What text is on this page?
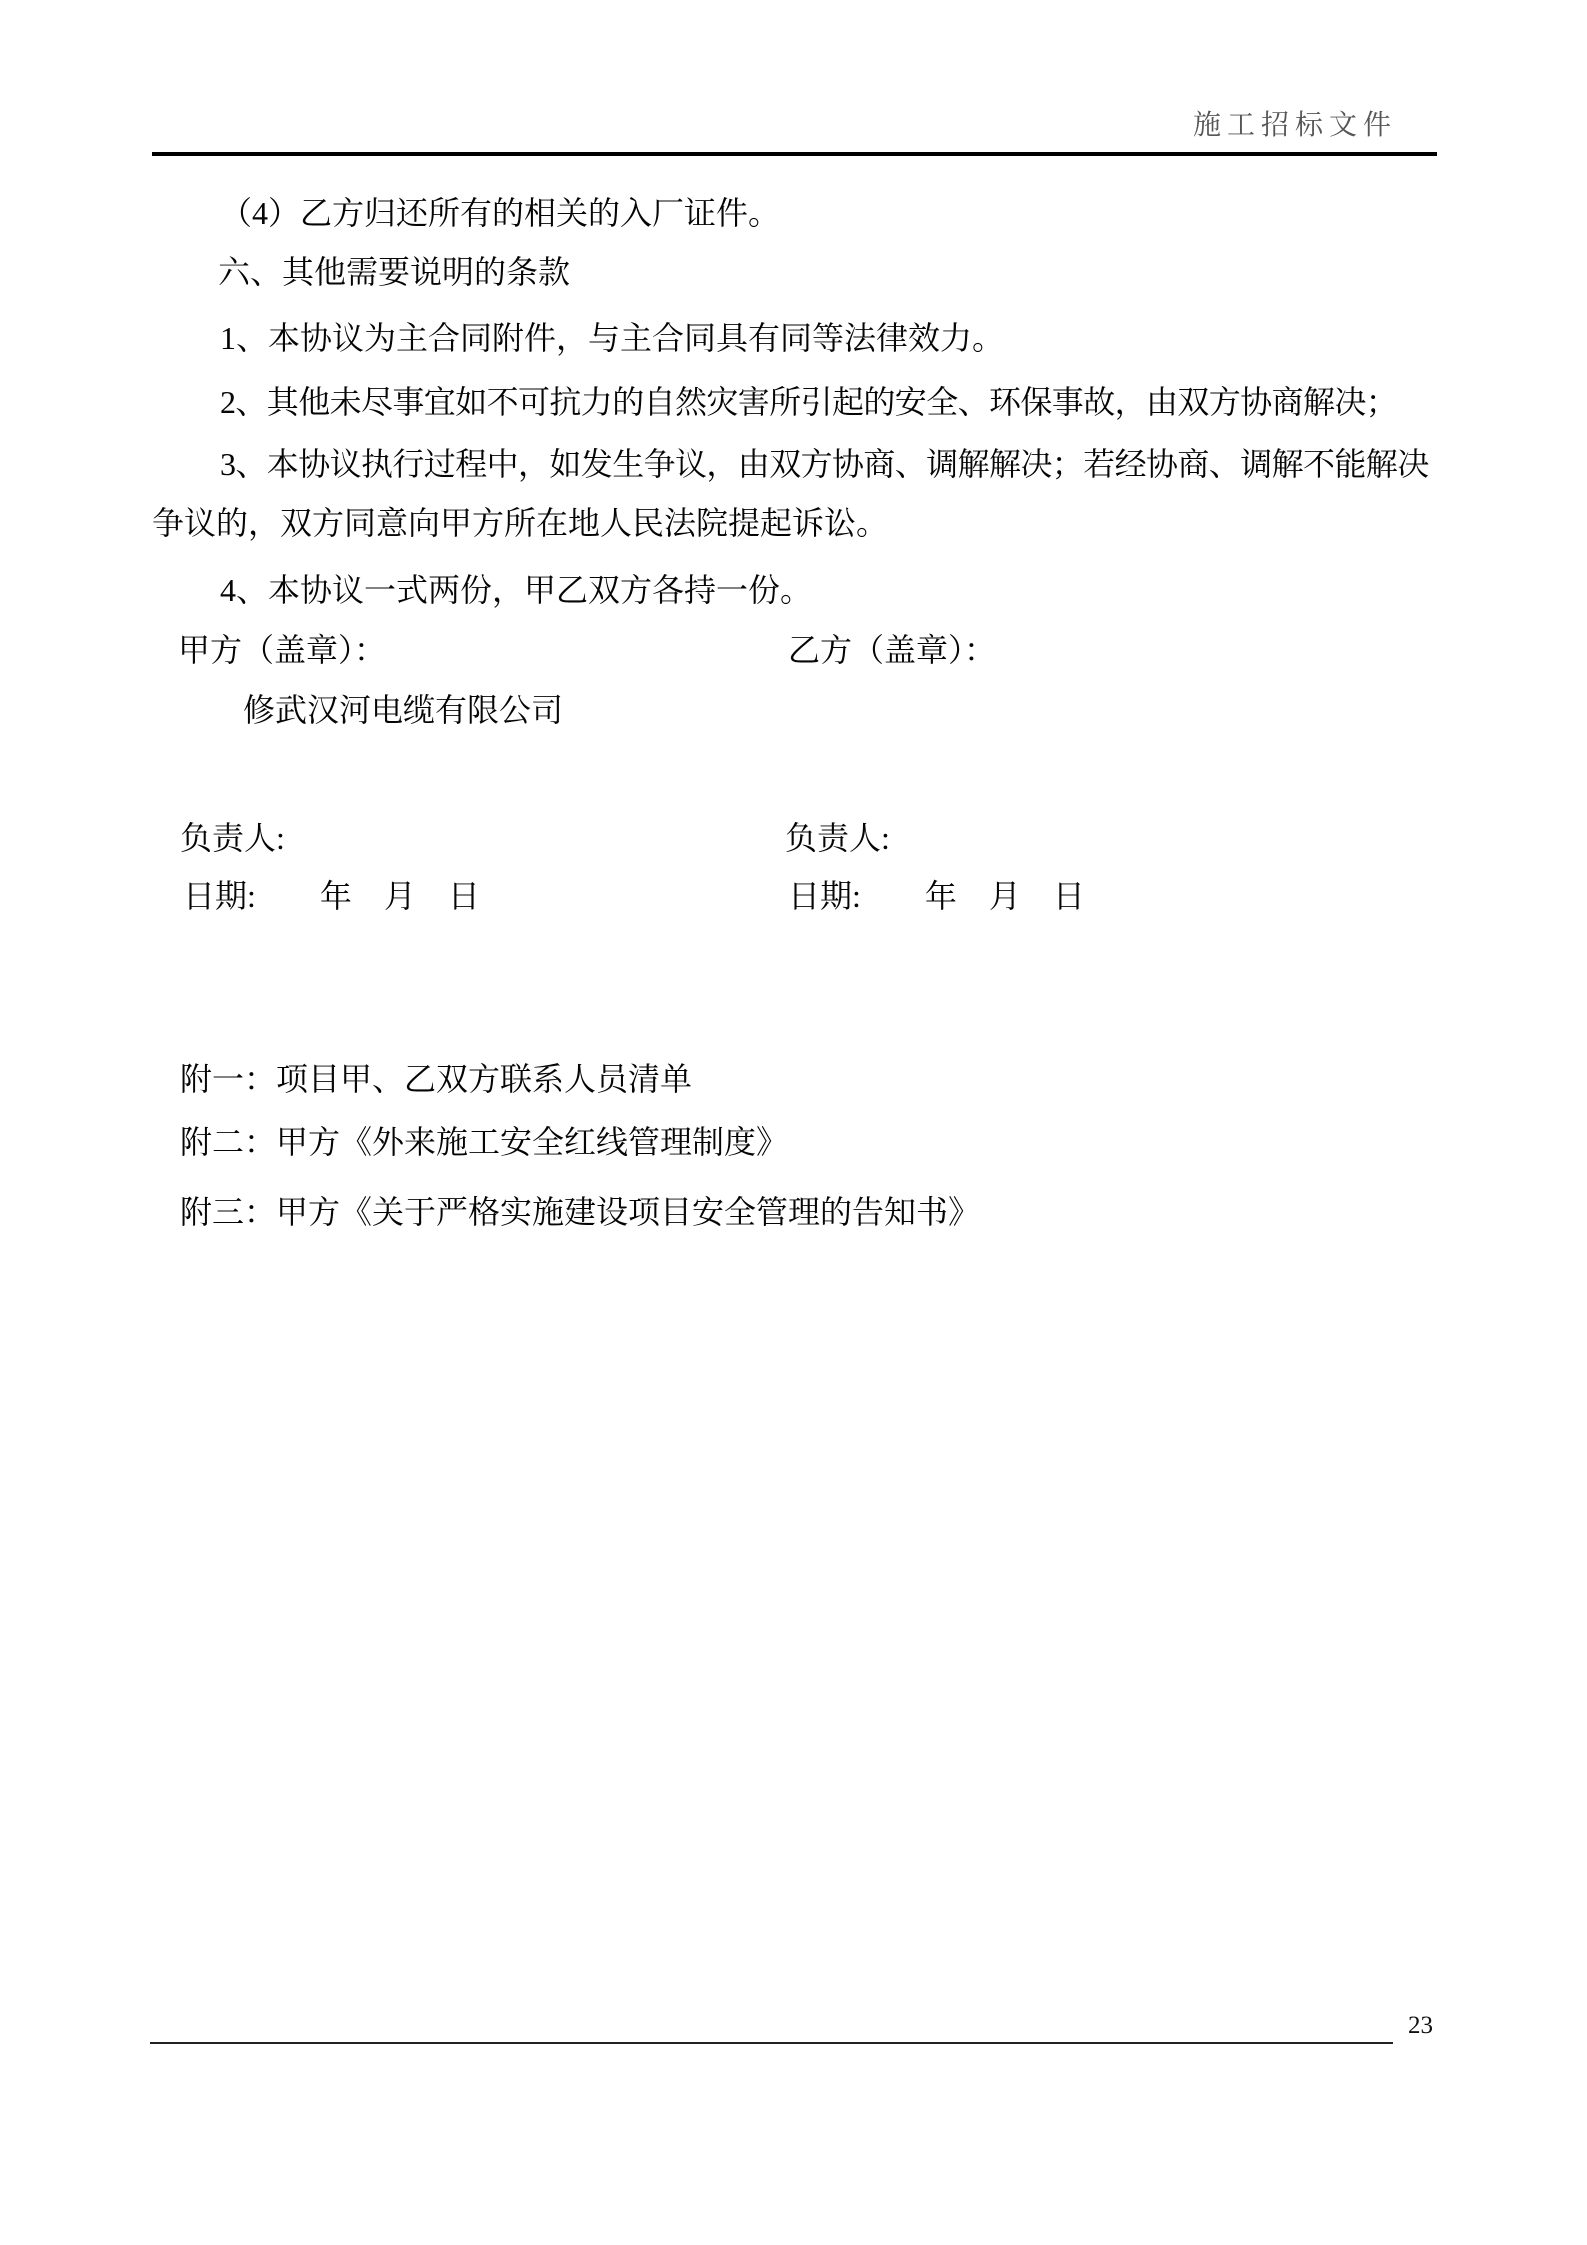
施工招标文件
（4）乙方归还所有的相关的入厂证件。
六、其他需要说明的条款
1、本协议为主合同附件，与主合同具有同等法律效力。
2、其他未尽事宜如不可抗力的自然灾害所引起的安全、环保事故，由双方协商解决；
3、本协议执行过程中，如发生争议，由双方协商、调解解决；若经协商、调解不能解决
争议的，双方同意向甲方所在地人民法院提起诉讼。
4、本协议一式两份，甲乙双方各持一份。
甲方（盖章）：	乙方（盖章）：
修武汉河电缆有限公司
负责人:	负责人:
日期:        年    月    日	日期:        年    月    日
附一：项目甲、乙双方联系人员清单
附二：甲方《外来施工安全红线管理制度》
附三：甲方《关于严格实施建设项目安全管理的告知书》
23
